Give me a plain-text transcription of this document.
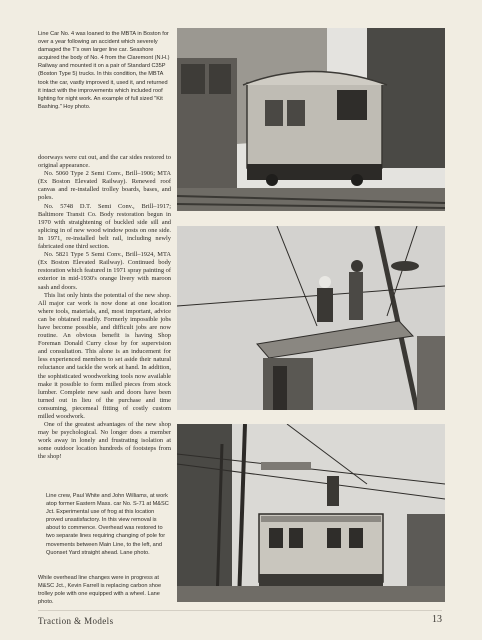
Line Car No. 4 was loaned to the MBTA in Boston for over a year following an accident which severely damaged the T's own larger line car. Seashore acquired the body of No. 4 from the Claremont (N.H.) Railway and mounted it on a pair of Standard C35P (Boston Type 5) trucks. In this condition, the MBTA took the car, vastly improved it, used it, and returned it intact with the improvements which included roof lighting for night work. An example of full sized "Kit Bashing." Hoy photo.

doorways were cut out, and the car sides restored to original appearance.

No. 5060 Type 2 Semi Conv., Brill–1906; MTA (Ex Boston Elevated Railway). Renewed roof canvas and re-installed trolley boards, bases, and poles.

No. 5748 D.T. Semi Conv., Brill–1917; Baltimore Transit Co. Body restoration begun in 1970 with straightening of buckled side sill and splicing in of new wood window posts on one side. In 1971, re-installed belt rail, including newly fabricated one third section.

No. 5821 Type 5 Semi Conv., Brill–1924, MTA (Ex Boston Elevated Railway). Continued body restoration which featured in 1971 spray painting of exterior in mid-1930's orange livery with maroon sash and doors.

This list only hints the potential of the new shop. All major car work is now done at one location where tools, materials, and, most important, advice can be obtained readily. Formerly impossible jobs have become possible, and difficult jobs are now routine. An obvious benefit is having Shop Foreman Donald Curry close by for supervision and consultation. This alone is an inducement for less experienced members to set aside their natural reluctance and tackle the work at hand. In addition, the sophisticated woodworking tools now available make it possible to form milled pieces from stock lumber. Complete new sash and doors have been turned out in lieu of the purchase and time consuming, piecemeal fitting of costly custom milled woodwork.

One of the greatest advantages of the new shop may be psychological. No longer does a member work away in lonely and frustrating isolation at some outdoor location hundreds of footsteps from the shop!

Line crew, Paul White and John Williams, at work atop former Eastern Mass. car No. S-71 at M&SC Jct. Experimental use of frog at this location proved unsatisfactory. In this view removal is about to commence. Overhead was restored to two separate lines requiring changing of pole for movements between Main Line, to the left, and Quonset Yard straight ahead. Lane photo.

While overhead line changes were in progress at M&SC Jct., Kevin Farrell is replacing carbon shoe trolley pole with one equipped with a wheel. Lane photo.

Traction & Models	13
